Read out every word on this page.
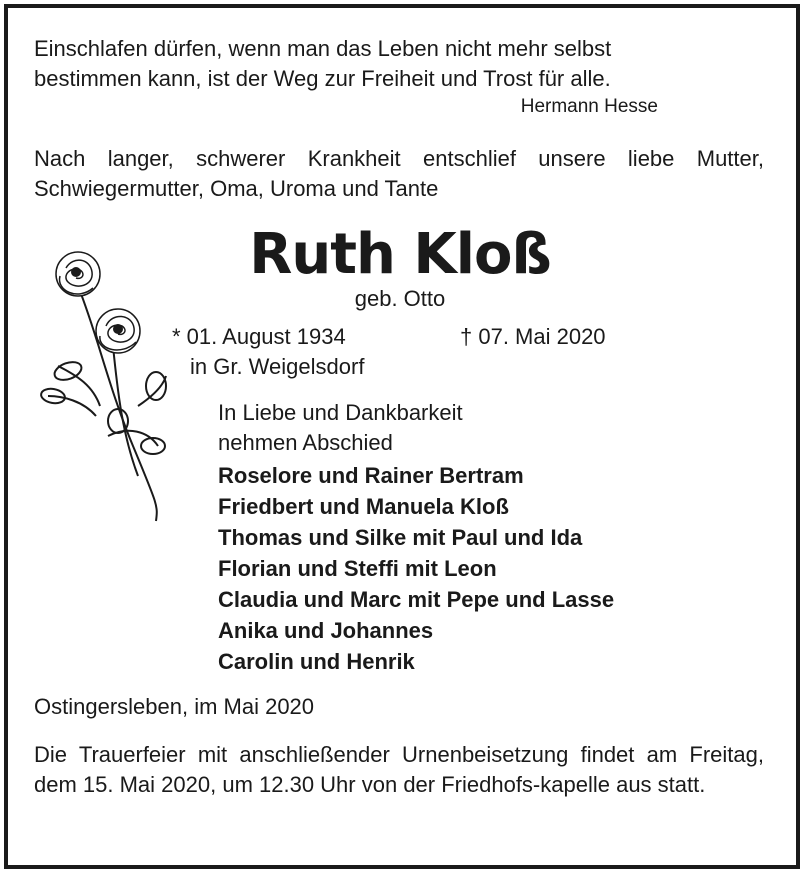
Einschlafen dürfen, wenn man das Leben nicht mehr selbst
bestimmen kann, ist der Weg zur Freiheit und Trost für alle.
Hermann Hesse
Nach langer, schwerer Krankheit entschlief unsere liebe Mutter, Schwiegermutter, Oma, Uroma und Tante
Ruth Kloß
geb. Otto
* 01. August 1934	† 07. Mai 2020
in Gr. Weigelsdorf
In Liebe und Dankbarkeit
nehmen Abschied
Roselore und Rainer Bertram
Friedbert und Manuela Kloß
Thomas und Silke mit Paul und Ida
Florian und Steffi mit Leon
Claudia und Marc mit Pepe und Lasse
Anika und Johannes
Carolin und Henrik
Ostingersleben, im Mai 2020
Die Trauerfeier mit anschließender Urnenbeisetzung findet am Freitag, dem 15. Mai 2020, um 12.30 Uhr von der Friedhofs-kapelle aus statt.
